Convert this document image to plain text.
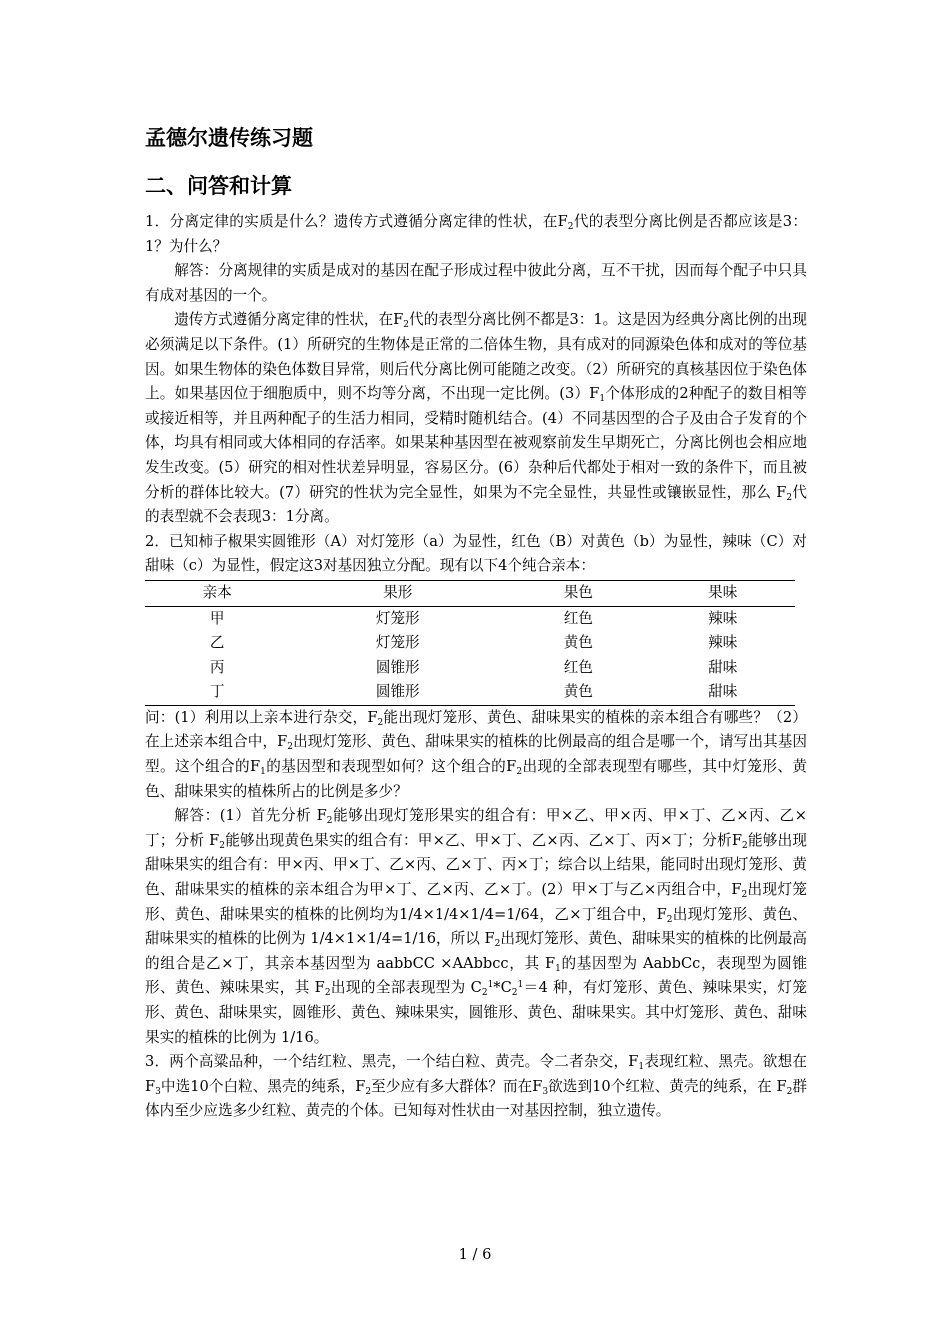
孟德尔遗传练习题
二、问答和计算

1．分离定律的实质是什么？遗传方式遵循分离定律的性状，在$F_2$代的表型分离比例是否都应该是3：1？为什么？

解答：分离规律的实质是成对的基因在配子形成过程中彼此分离，互不干扰，因而每个配子中只具有成对基因的一个。

遗传方式遵循分离定律的性状，在$F_2$代的表型分离比例不都是3：1。这是因为经典分离比例的出现必须满足以下条件。(1）所研究的生物体是正常的二倍体生物，具有成对的同源染色体和成对的等位基因。如果生物体的染色体数目异常，则后代分离比例可能随之改变。（2）所研究的真核基因位于染色体上。如果基因位于细胞质中，则不均等分离，不出现一定比例。$(3)F_1$个体形成的2种配子的数目相等或接近相等，并且两种配子的生活力相同，受精时随机结合。(4）不同基因型的合子及由合子发育的个体，均具有相同或大体相同的存活率。如果某种基因型在被观察前发生早期死亡，分离比例也会相应地发生改变。(5）研究的相对性状差异明显，容易区分。(6）杂种后代都处于相对一致的条件下，而且被分析的群体比较大。(7）研究的性状为完全显性，如果为不完全显性，共显性或镶嵌显性，那么 $F_2$代的表型就不会表现3：1分离。

2．已知柿子椒果实圆锥形（A）对灯笼形（a）为显性，红色（B）对黄色（b）为显性，辣味（C）对甜味（c）为显性，假定这3对基因独立分配。现有以下4个纯合亲本：

亲本	果形	果色	果味
甲	灯笼形	红色	辣味
乙	灯笼形	黄色	辣味
丙	圆锥形	红色	甜味
丁	圆锥形	黄色	甜味

问：(1）利用以上亲本进行杂交，$F_2$能出现灯笼形、黄色、甜味果实的植株的亲本组合有哪些？（2）在上述亲本组合中，$F_2$出现灯笼形、黄色、甜味果实的植株的比例最高的组合是哪一个，请写出其基因型。这个组合的$F_1$的基因型和表现型如何？这个组合的$F_2$出现的全部表现型有哪些，其中灯笼形、黄色、甜味果实的植株所占的比例是多少？

解答：(1）首先分析 $F_2$能够出现灯笼形果实的组合有：甲×乙、甲×丙、甲×丁、乙×丙、乙×丁；分析 $F_2$能够出现黄色果实的组合有：甲×乙、甲×丁、乙×丙、乙×丁、丙×丁；分析$F_2$能够出现甜味果实的组合有：甲×丙、甲×丁、乙×丙、乙×丁、丙×丁；综合以上结果，能同时出现灯笼形、黄色、甜味果实的植株的亲本组合为甲×丁、乙×丙、乙×丁。(2）甲×丁与乙×丙组合中，$F_2$出现灯笼形、黄色、甜味果实的植株的比例均为1/4×1/4×1/4=1/64，乙×丁组合中，$F_2$出现灯笼形、黄色、甜味果实的植株的比例为 1/4×1×1/4=1/16，所以 $F_2$出现灯笼形、黄色、甜味果实的植株的比例最高的组合是乙×丁，其亲本基因型为 aabbCC ×AAbbcc，其 $F_1$的基因型为 AabbCc，表现型为圆锥形、黄色、辣味果实，其 $F_2$出现的全部表现型为 $C_2^1*C_2^1=4$ 种，有灯笼形、黄色、辣味果实，灯笼形、黄色、甜味果实，圆锥形、黄色、辣味果实，圆锥形、黄色、甜味果实。其中灯笼形、黄色、甜味果实的植株的比例为 1/16。

3．两个高粱品种，一个结红粒、黑壳，一个结白粒、黄壳。令二者杂交，$F_1$表现红粒、黑壳。欲想在$F_3$中选10个白粒、黑壳的纯系，$F_2$至少应有多大群体？而在$F_3$欲选到10个红粒、黄壳的纯系，在 $F_2$群体内至少应选多少红粒、黄壳的个体。已知每对性状由一对基因控制，独立遗传。

1 / 6
